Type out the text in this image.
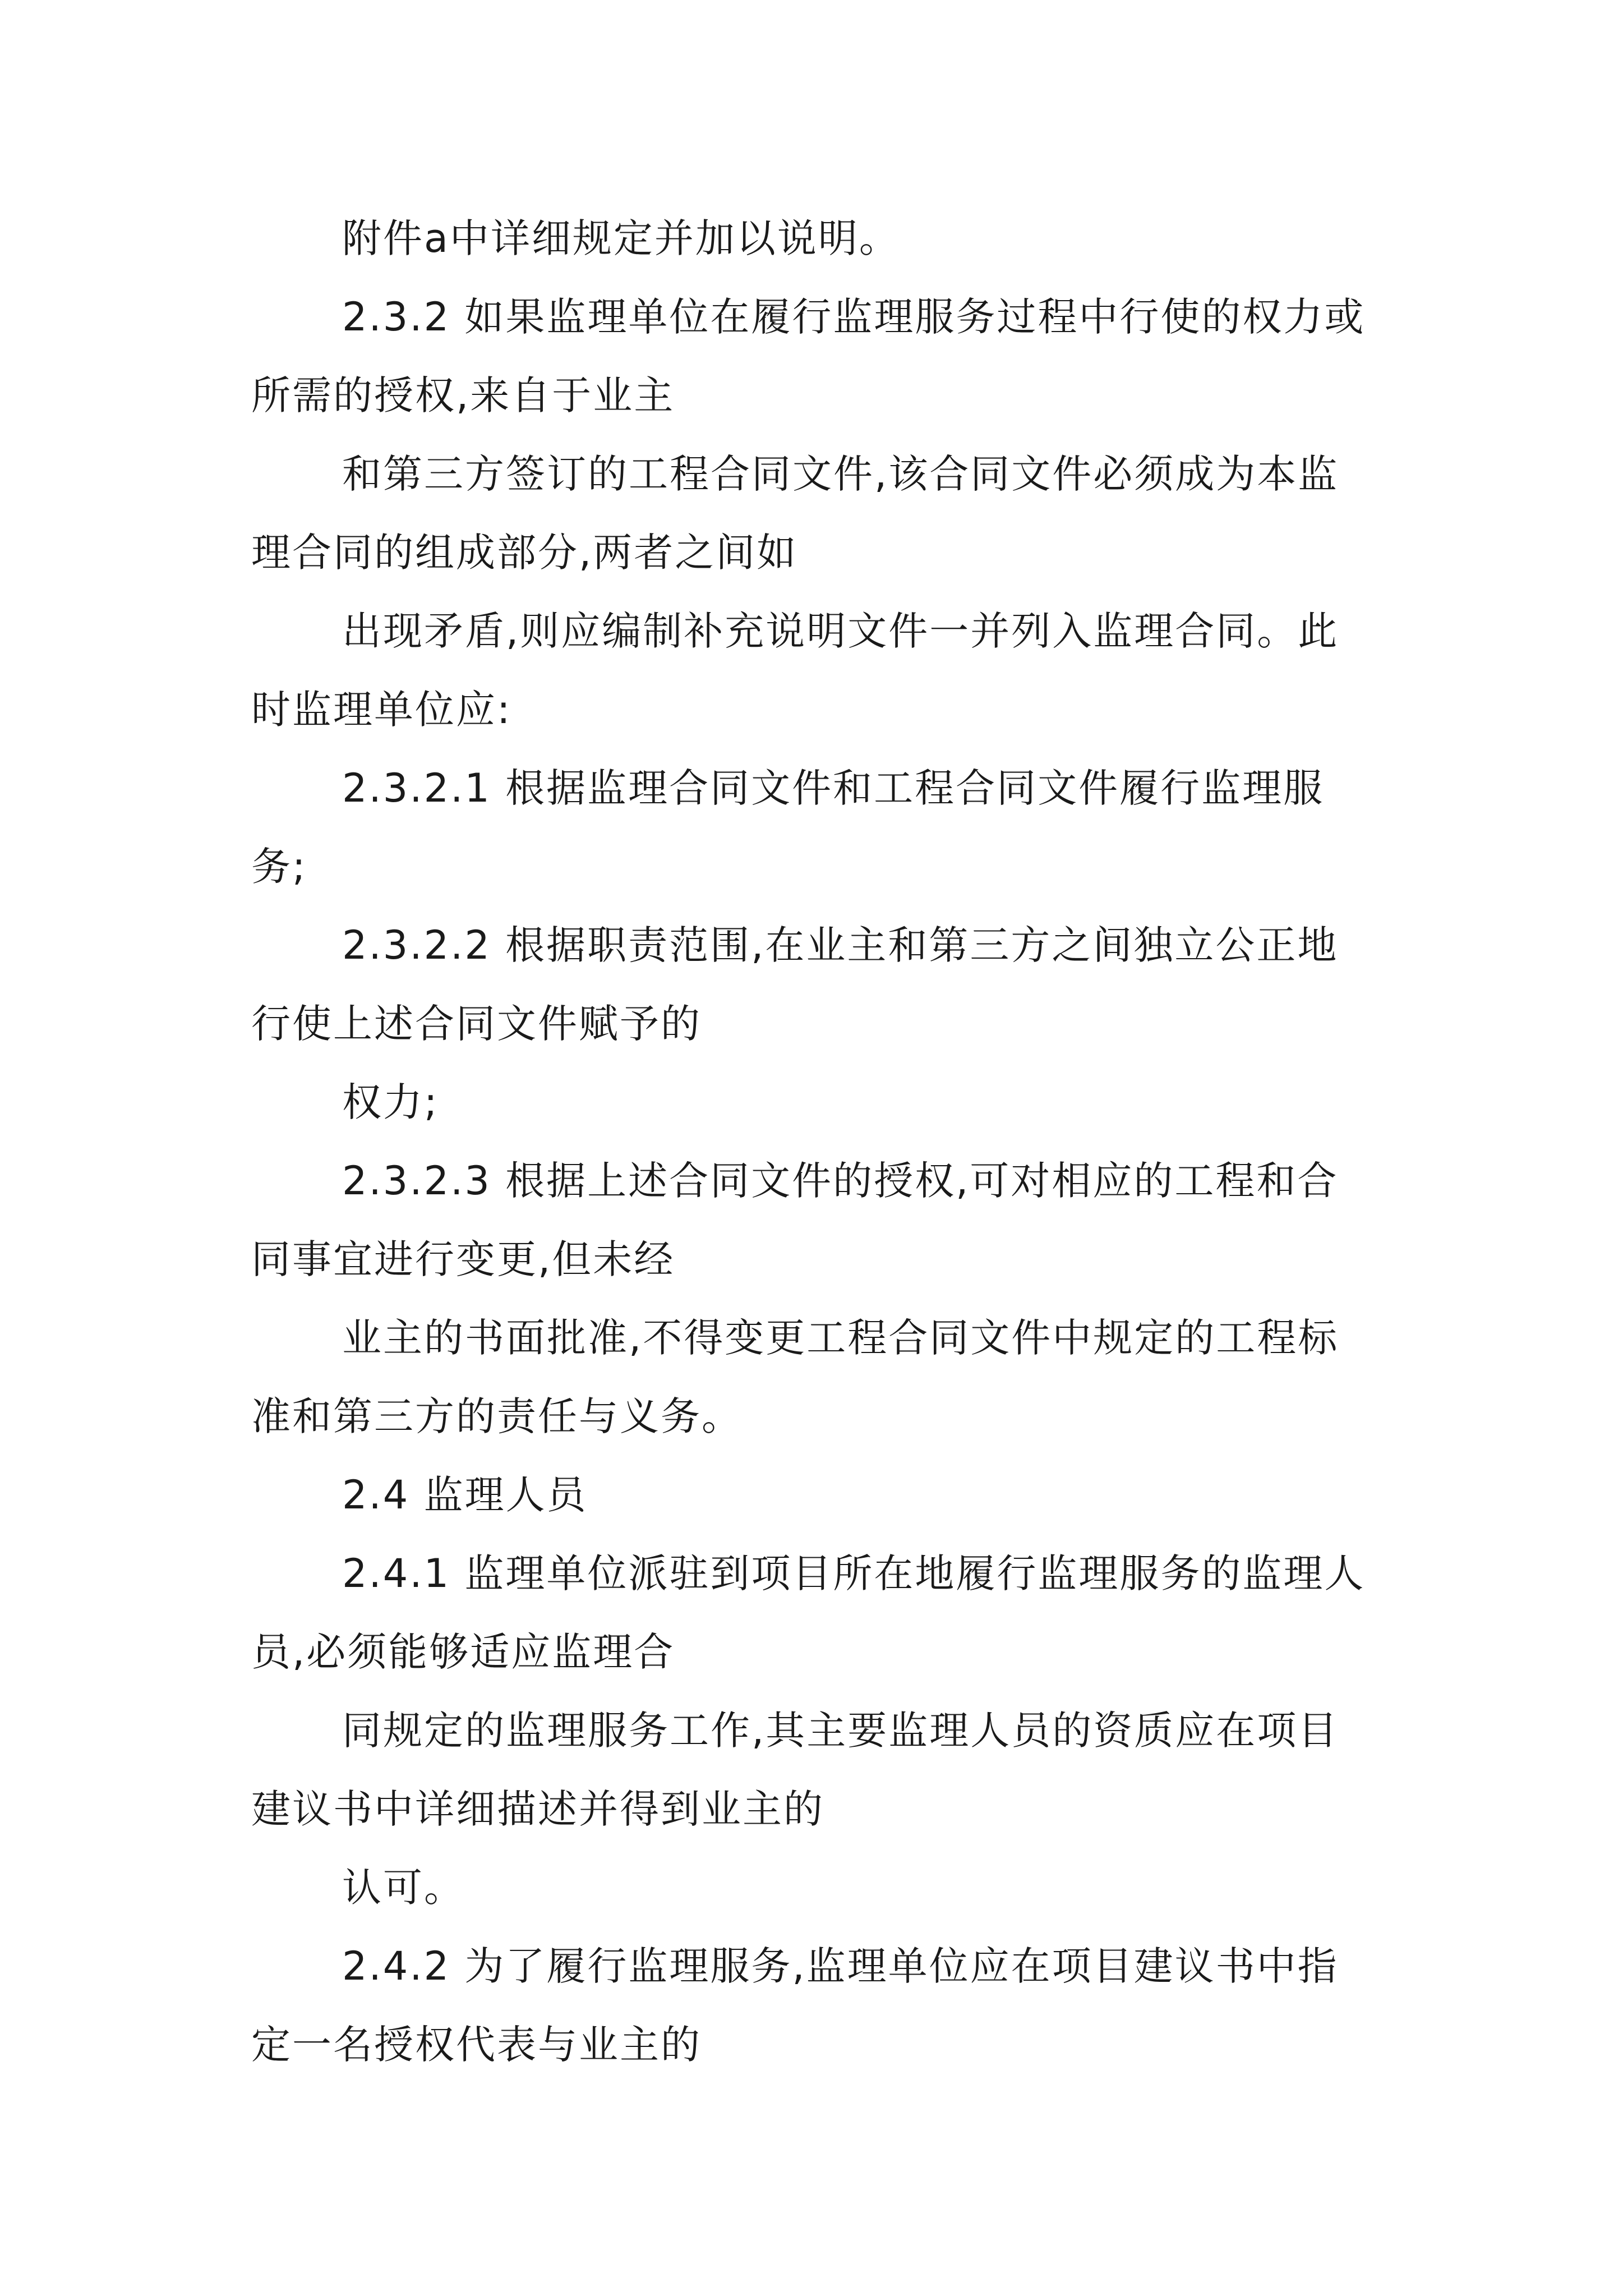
附件a中详细规定并加以说明。

2.3.2 如果监理单位在履行监理服务过程中行使的权力或所需的授权,来自于业主

和第三方签订的工程合同文件,该合同文件必须成为本监理合同的组成部分,两者之间如

出现矛盾,则应编制补充说明文件一并列入监理合同。此时监理单位应:

2.3.2.1 根据监理合同文件和工程合同文件履行监理服务;

2.3.2.2 根据职责范围,在业主和第三方之间独立公正地行使上述合同文件赋予的

权力;

2.3.2.3 根据上述合同文件的授权,可对相应的工程和合同事宜进行变更,但未经

业主的书面批准,不得变更工程合同文件中规定的工程标准和第三方的责任与义务。

2.4 监理人员

2.4.1 监理单位派驻到项目所在地履行监理服务的监理人员,必须能够适应监理合

同规定的监理服务工作,其主要监理人员的资质应在项目建议书中详细描述并得到业主的

认可。

2.4.2 为了履行监理服务,监理单位应在项目建议书中指定一名授权代表与业主的
